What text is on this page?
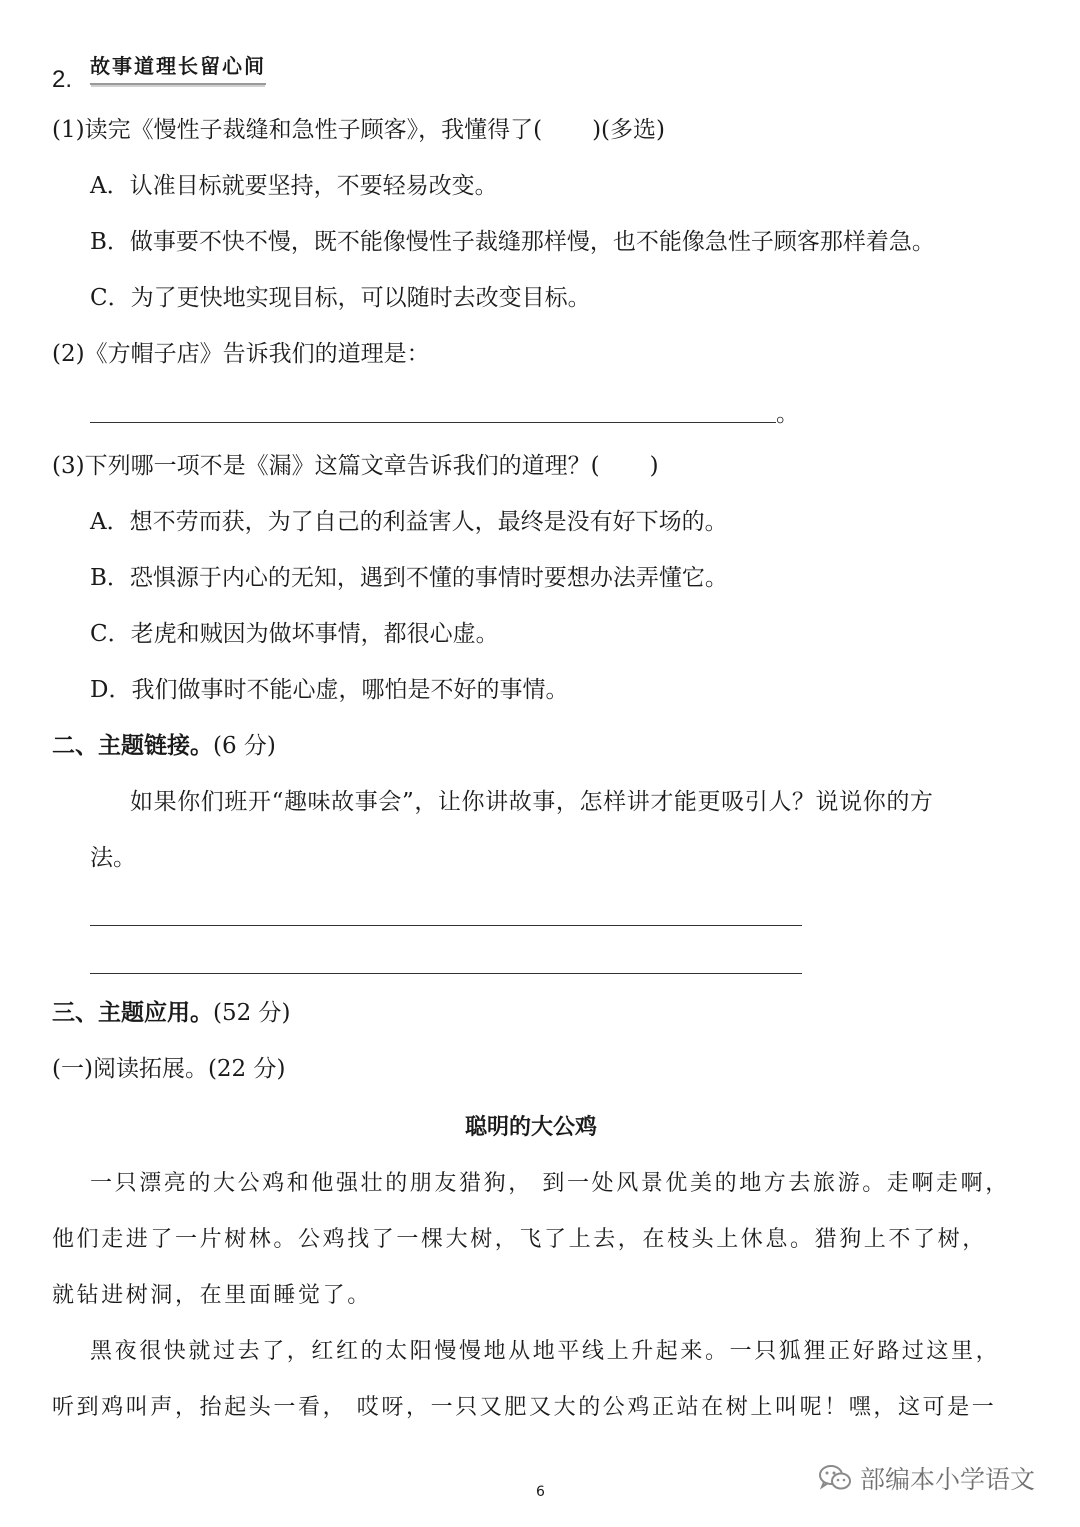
2. 故事道理长留心间
(1)读完《慢性子裁缝和急性子顾客》，我懂得了( )(多选)
A．认准目标就要坚持，不要轻易改变。
B．做事要不快不慢，既不能像慢性子裁缝那样慢，也不能像急性子顾客那样着急。
C．为了更快地实现目标，可以随时去改变目标。
(2)《方帽子店》告诉我们的道理是：
。
(3)下列哪一项不是《漏》这篇文章告诉我们的道理？( )
A．想不劳而获，为了自己的利益害人，最终是没有好下场的。
B．恐惧源于内心的无知，遇到不懂的事情时要想办法弄懂它。
C．老虎和贼因为做坏事情，都很心虚。
D．我们做事时不能心虚，哪怕是不好的事情。
二、主题链接。(6 分)
如果你们班开“趣味故事会”，让你讲故事，怎样讲才能更吸引人？说说你的方
法。
三、主题应用。(52 分)
(一)阅读拓展。(22 分)
聪明的大公鸡
一只漂亮的大公鸡和他强壮的朋友猎狗， 到一处风景优美的地方去旅游。走啊走啊，
他们走进了一片树林。公鸡找了一棵大树，飞了上去，在枝头上休息。猎狗上不了树，
就钻进树洞，在里面睡觉了。
黑夜很快就过去了，红红的太阳慢慢地从地平线上升起来。一只狐狸正好路过这里，
听到鸡叫声，抬起头一看， 哎呀，一只又肥又大的公鸡正站在树上叫呢！嘿，这可是一
6	部编本小学语文
